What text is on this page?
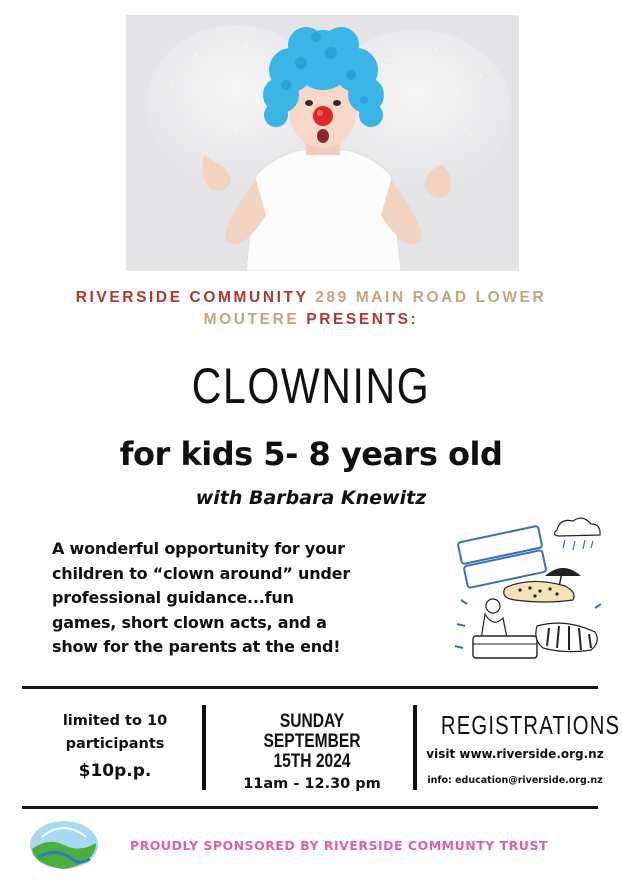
RIVERSIDE COMMUNITY 289 MAIN ROAD LOWER
MOUTERE PRESENTS:
CLOWNING
for kids 5- 8 years old
with Barbara Knewitz
A wonderful opportunity for your
children to “clown around” under
professional guidance...fun
games, short clown acts, and a
show for the parents at the end!
limited to 10
participants
$10p.p.
SUNDAY SEPTEMBER
15TH 2024
11am - 12.30 pm
REGISTRATIONS
visit www.riverside.org.nz
info: education@riverside.org.nz
PROUDLY SPONSORED BY RIVERSIDE COMMUNTY TRUST
